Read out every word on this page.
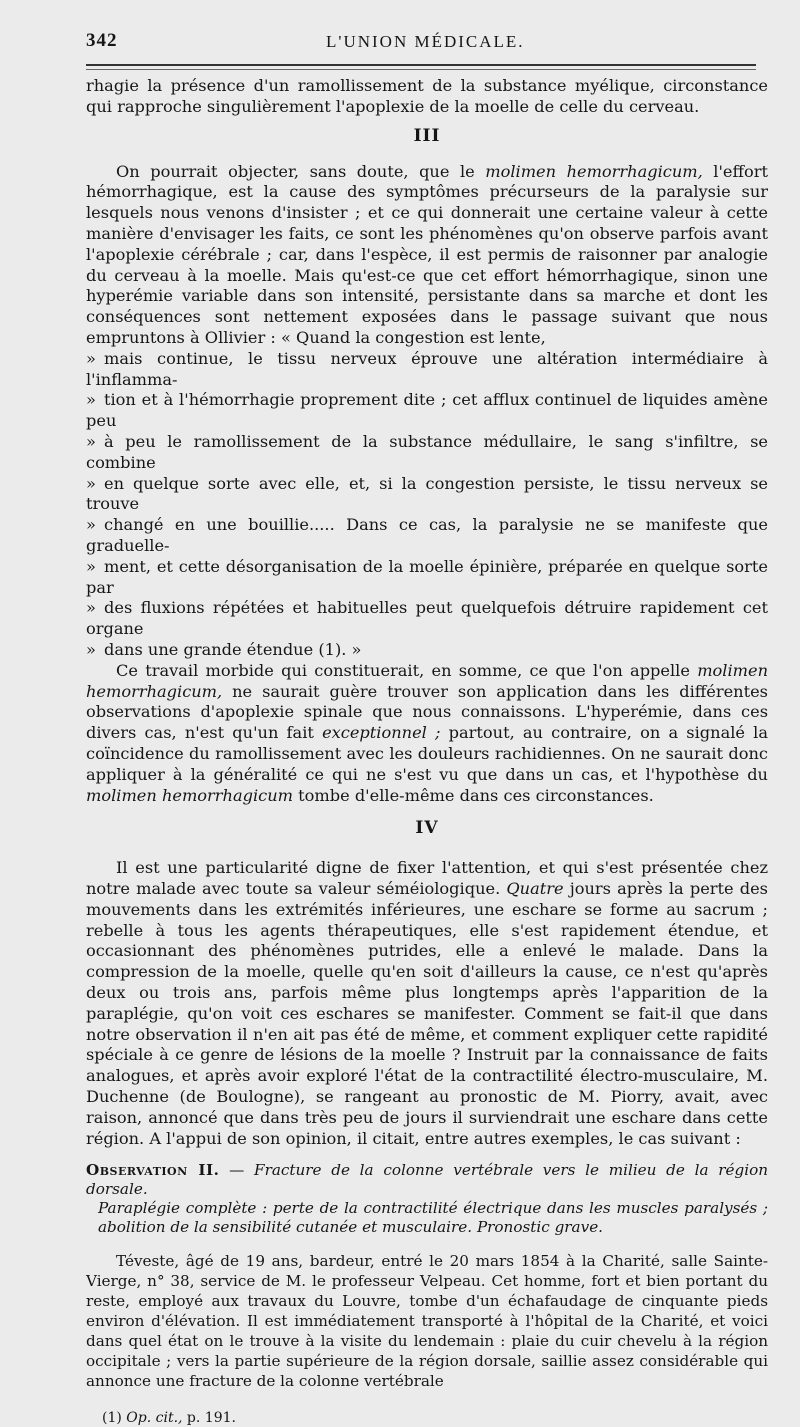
342	L'UNION MÉDICALE.

rhagie la présence d'un ramollissement de la substance myélique, circonstance qui rapproche singulièrement l'apoplexie de la moelle de celle du cerveau.

III

On pourrait objecter, sans doute, que le molimen hemorrhagicum, l'effort hémorrhagique, est la cause des symptômes précurseurs de la paralysie sur lesquels nous venons d'insister ; et ce qui donnerait une certaine valeur à cette manière d'envisager les faits, ce sont les phénomènes qu'on observe parfois avant l'apoplexie cérébrale ; car, dans l'espèce, il est permis de raisonner par analogie du cerveau à la moelle. Mais qu'est-ce que cet effort hémorrhagique, sinon une hyperémie variable dans son intensité, persistante dans sa marche et dont les conséquences sont nettement exposées dans le passage suivant que nous empruntons à Ollivier : « Quand la congestion est lente,

» mais continue, le tissu nerveux éprouve une altération intermédiaire à l'inflamma-

» tion et à l'hémorrhagie proprement dite ; cet afflux continuel de liquides amène peu

» à peu le ramollissement de la substance médullaire, le sang s'infiltre, se combine

» en quelque sorte avec elle, et, si la congestion persiste, le tissu nerveux se trouve

» changé en une bouillie..... Dans ce cas, la paralysie ne se manifeste que graduelle-

» ment, et cette désorganisation de la moelle épinière, préparée en quelque sorte par

» des fluxions répétées et habituelles peut quelquefois détruire rapidement cet organe

» dans une grande étendue (1). »

Ce travail morbide qui constituerait, en somme, ce que l'on appelle molimen hemorrhagicum, ne saurait guère trouver son application dans les différentes observations d'apoplexie spinale que nous connaissons. L'hyperémie, dans ces divers cas, n'est qu'un fait exceptionnel ; partout, au contraire, on a signalé la coïncidence du ramollissement avec les douleurs rachidiennes. On ne saurait donc appliquer à la généralité ce qui ne s'est vu que dans un cas, et l'hypothèse du molimen hemorrhagicum tombe d'elle-même dans ces circonstances.

IV

Il est une particularité digne de fixer l'attention, et qui s'est présentée chez notre malade avec toute sa valeur séméiologique. Quatre jours après la perte des mouvements dans les extrémités inférieures, une eschare se forme au sacrum ; rebelle à tous les agents thérapeutiques, elle s'est rapidement étendue, et occasionnant des phénomènes putrides, elle a enlevé le malade. Dans la compression de la moelle, quelle qu'en soit d'ailleurs la cause, ce n'est qu'après deux ou trois ans, parfois même plus longtemps après l'apparition de la paraplégie, qu'on voit ces eschares se manifester. Comment se fait-il que dans notre observation il n'en ait pas été de même, et comment expliquer cette rapidité spéciale à ce genre de lésions de la moelle ? Instruit par la connaissance de faits analogues, et après avoir exploré l'état de la contractilité électro-musculaire, M. Duchenne (de Boulogne), se rangeant au pronostic de M. Piorry, avait, avec raison, annoncé que dans très peu de jours il surviendrait une eschare dans cette région. A l'appui de son opinion, il citait, entre autres exemples, le cas suivant :

Observation II. — Fracture de la colonne vertébrale vers le milieu de la région dorsale.
Paraplégie complète : perte de la contractilité électrique dans les muscles paralysés ; abolition de la sensibilité cutanée et musculaire. Pronostic grave.

Téveste, âgé de 19 ans, bardeur, entré le 20 mars 1854 à la Charité, salle Sainte-Vierge, n° 38, service de M. le professeur Velpeau. Cet homme, fort et bien portant du reste, employé aux travaux du Louvre, tombe d'un échafaudage de cinquante pieds environ d'élévation. Il est immédiatement transporté à l'hôpital de la Charité, et voici dans quel état on le trouve à la visite du lendemain : plaie du cuir chevelu à la région occipitale ; vers la partie supérieure de la région dorsale, saillie assez considérable qui annonce une fracture de la colonne vertébrale

(1) Op. cit., p. 191.
